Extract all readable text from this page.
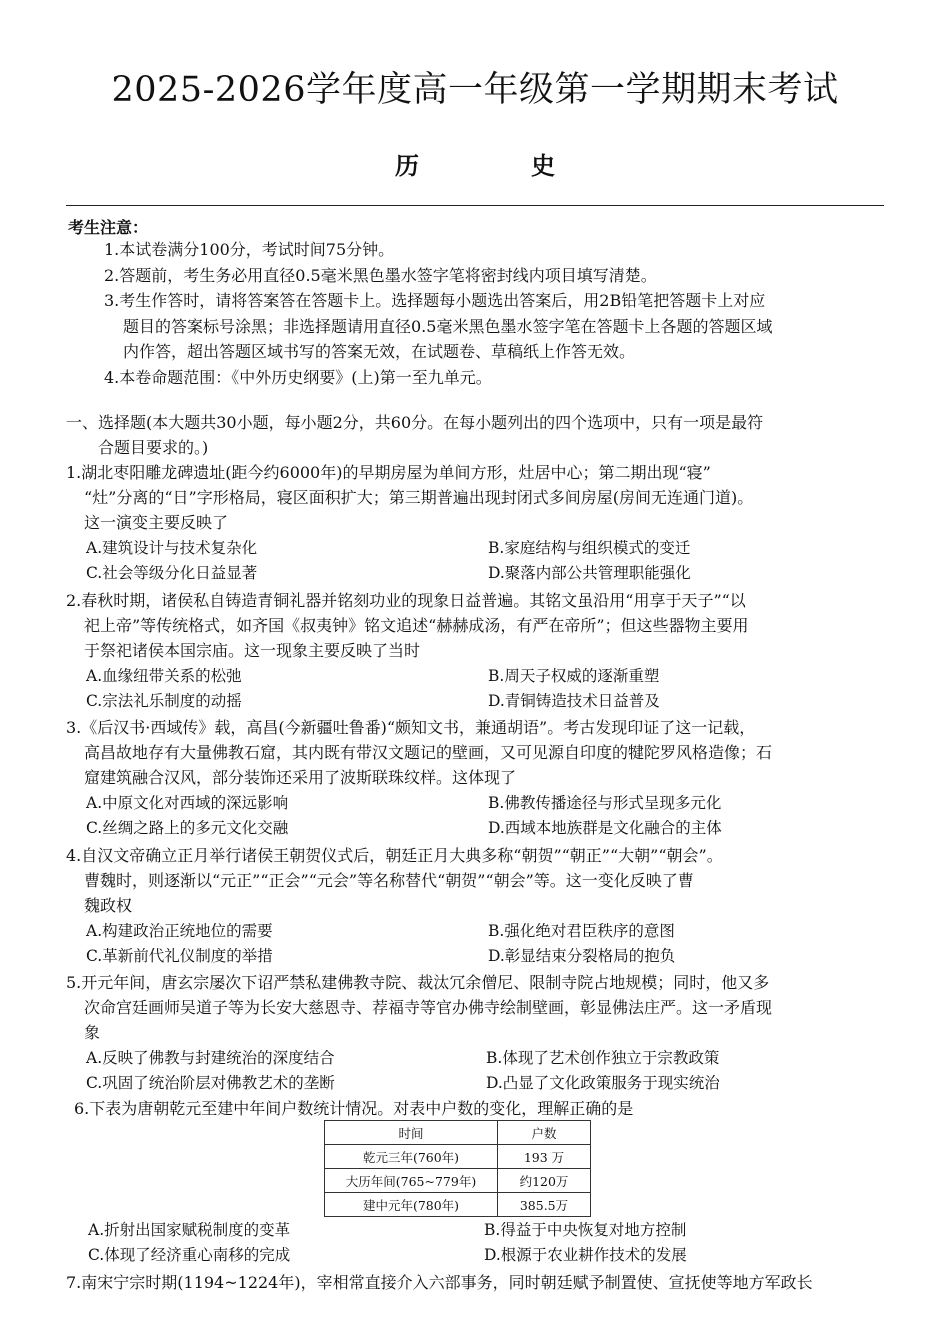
2025-2026学年度高一年级第一学期期末考试
历	史
考生注意：
1.本试卷满分100分，考试时间75分钟。
2.答题前，考生务必用直径0.5毫米黑色墨水签字笔将密封线内项目填写清楚。
3.考生作答时，请将答案答在答题卡上。选择题每小题选出答案后，用2B铅笔把答题卡上对应
题目的答案标号涂黑；非选择题请用直径0.5毫米黑色墨水签字笔在答题卡上各题的答题区域
内作答，超出答题区域书写的答案无效，在试题卷、草稿纸上作答无效。
4.本卷命题范围：《中外历史纲要》(上)第一至九单元。
一、选择题(本大题共30小题，每小题2分，共60分。在每小题列出的四个选项中，只有一项是最符
合题目要求的。)
1.湖北枣阳雕龙碑遗址(距今约6000年)的早期房屋为单间方形，灶居中心；第二期出现“寝”
“灶”分离的“日”字形格局，寝区面积扩大；第三期普遍出现封闭式多间房屋(房间无连通门道)。
这一演变主要反映了
A.建筑设计与技术复杂化	B.家庭结构与组织模式的变迁
C.社会等级分化日益显著	D.聚落内部公共管理职能强化
2.春秋时期，诸侯私自铸造青铜礼器并铭刻功业的现象日益普遍。其铭文虽沿用“用享于天子”“以
祀上帝”等传统格式，如齐国《叔夷钟》铭文追述“赫赫成汤，有严在帝所”；但这些器物主要用
于祭祀诸侯本国宗庙。这一现象主要反映了当时
A.血缘纽带关系的松弛	B.周天子权威的逐渐重塑
C.宗法礼乐制度的动摇	D.青铜铸造技术日益普及
3.《后汉书·西域传》载，高昌(今新疆吐鲁番)“颇知文书，兼通胡语”。考古发现印证了这一记载，
高昌故地存有大量佛教石窟，其内既有带汉文题记的壁画，又可见源自印度的犍陀罗风格造像；石
窟建筑融合汉风，部分装饰还采用了波斯联珠纹样。这体现了
A.中原文化对西域的深远影响	B.佛教传播途径与形式呈现多元化
C.丝绸之路上的多元文化交融	D.西域本地族群是文化融合的主体
4.自汉文帝确立正月举行诸侯王朝贺仪式后，朝廷正月大典多称“朝贺”“朝正”“大朝”“朝会”。
曹魏时，则逐渐以“元正”“正会”“元会”等名称替代“朝贺”“朝会”等。这一变化反映了曹
魏政权
A.构建政治正统地位的需要	B.强化绝对君臣秩序的意图
C.革新前代礼仪制度的举措	D.彰显结束分裂格局的抱负
5.开元年间，唐玄宗屡次下诏严禁私建佛教寺院、裁汰冗余僧尼、限制寺院占地规模；同时，他又多
次命宫廷画师吴道子等为长安大慈恩寺、荐福寺等官办佛寺绘制壁画，彰显佛法庄严。这一矛盾现
象
A.反映了佛教与封建统治的深度结合	B.体现了艺术创作独立于宗教政策
C.巩固了统治阶层对佛教艺术的垄断	D.凸显了文化政策服务于现实统治
6.下表为唐朝乾元至建中年间户数统计情况。对表中户数的变化，理解正确的是
时间	户数
乾元三年(760年)	193 万
大历年间(765~779年)	约120万
建中元年(780年)	385.5万
A.折射出国家赋税制度的变革	B.得益于中央恢复对地方控制
C.体现了经济重心南移的完成	D.根源于农业耕作技术的发展
7.南宋宁宗时期(1194~1224年)，宰相常直接介入六部事务，同时朝廷赋予制置使、宣抚使等地方军政长
